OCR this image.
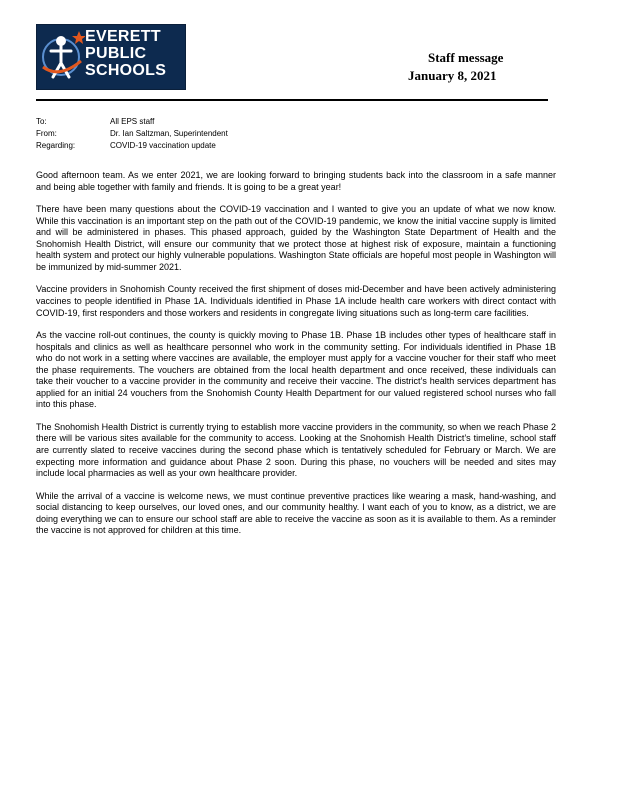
EVERETT
PUBLIC
SCHOOLS
Staff message
January 8, 2021
To:	All EPS staff
From:	Dr. Ian Saltzman, Superintendent
Regarding:	COVID-19 vaccination update

Good afternoon team. As we enter 2021, we are looking forward to bringing students back into the classroom in a safe manner and being able together with family and friends. It is going to be a great year!

There have been many questions about the COVID-19 vaccination and I wanted to give you an update of what we now know. While this vaccination is an important step on the path out of the COVID-19 pandemic, we know the initial vaccine supply is limited and will be administered in phases. This phased approach, guided by the Washington State Department of Health and the Snohomish Health District, will ensure our community that we protect those at highest risk of exposure, maintain a functioning health system and protect our highly vulnerable populations. Washington State officials are hopeful most people in Washington will be immunized by mid-summer 2021.

Vaccine providers in Snohomish County received the first shipment of doses mid-December and have been actively administering vaccines to people identified in Phase 1A. Individuals identified in Phase 1A include health care workers with direct contact with COVID-19, first responders and those workers and residents in congregate living situations such as long-term care facilities.

As the vaccine roll-out continues, the county is quickly moving to Phase 1B. Phase 1B includes other types of healthcare staff in hospitals and clinics as well as healthcare personnel who work in the community setting. For individuals identified in Phase 1B who do not work in a setting where vaccines are available, the employer must apply for a vaccine voucher for their staff who meet the phase requirements. The vouchers are obtained from the local health department and once received, these individuals can take their voucher to a vaccine provider in the community and receive their vaccine. The district’s health services department has applied for an initial 24 vouchers from the Snohomish County Health Department for our valued registered school nurses who fall into this phase.

The Snohomish Health District is currently trying to establish more vaccine providers in the community, so when we reach Phase 2 there will be various sites available for the community to access. Looking at the Snohomish Health District’s timeline, school staff are currently slated to receive vaccines during the second phase which is tentatively scheduled for February or March. We are expecting more information and guidance about Phase 2 soon. During this phase, no vouchers will be needed and sites may include local pharmacies as well as your own healthcare provider.

While the arrival of a vaccine is welcome news, we must continue preventive practices like wearing a mask, hand-washing, and social distancing to keep ourselves, our loved ones, and our community healthy. I want each of you to know, as a district, we are doing everything we can to ensure our school staff are able to receive the vaccine as soon as it is available to them. As a reminder the vaccine is not approved for children at this time.
